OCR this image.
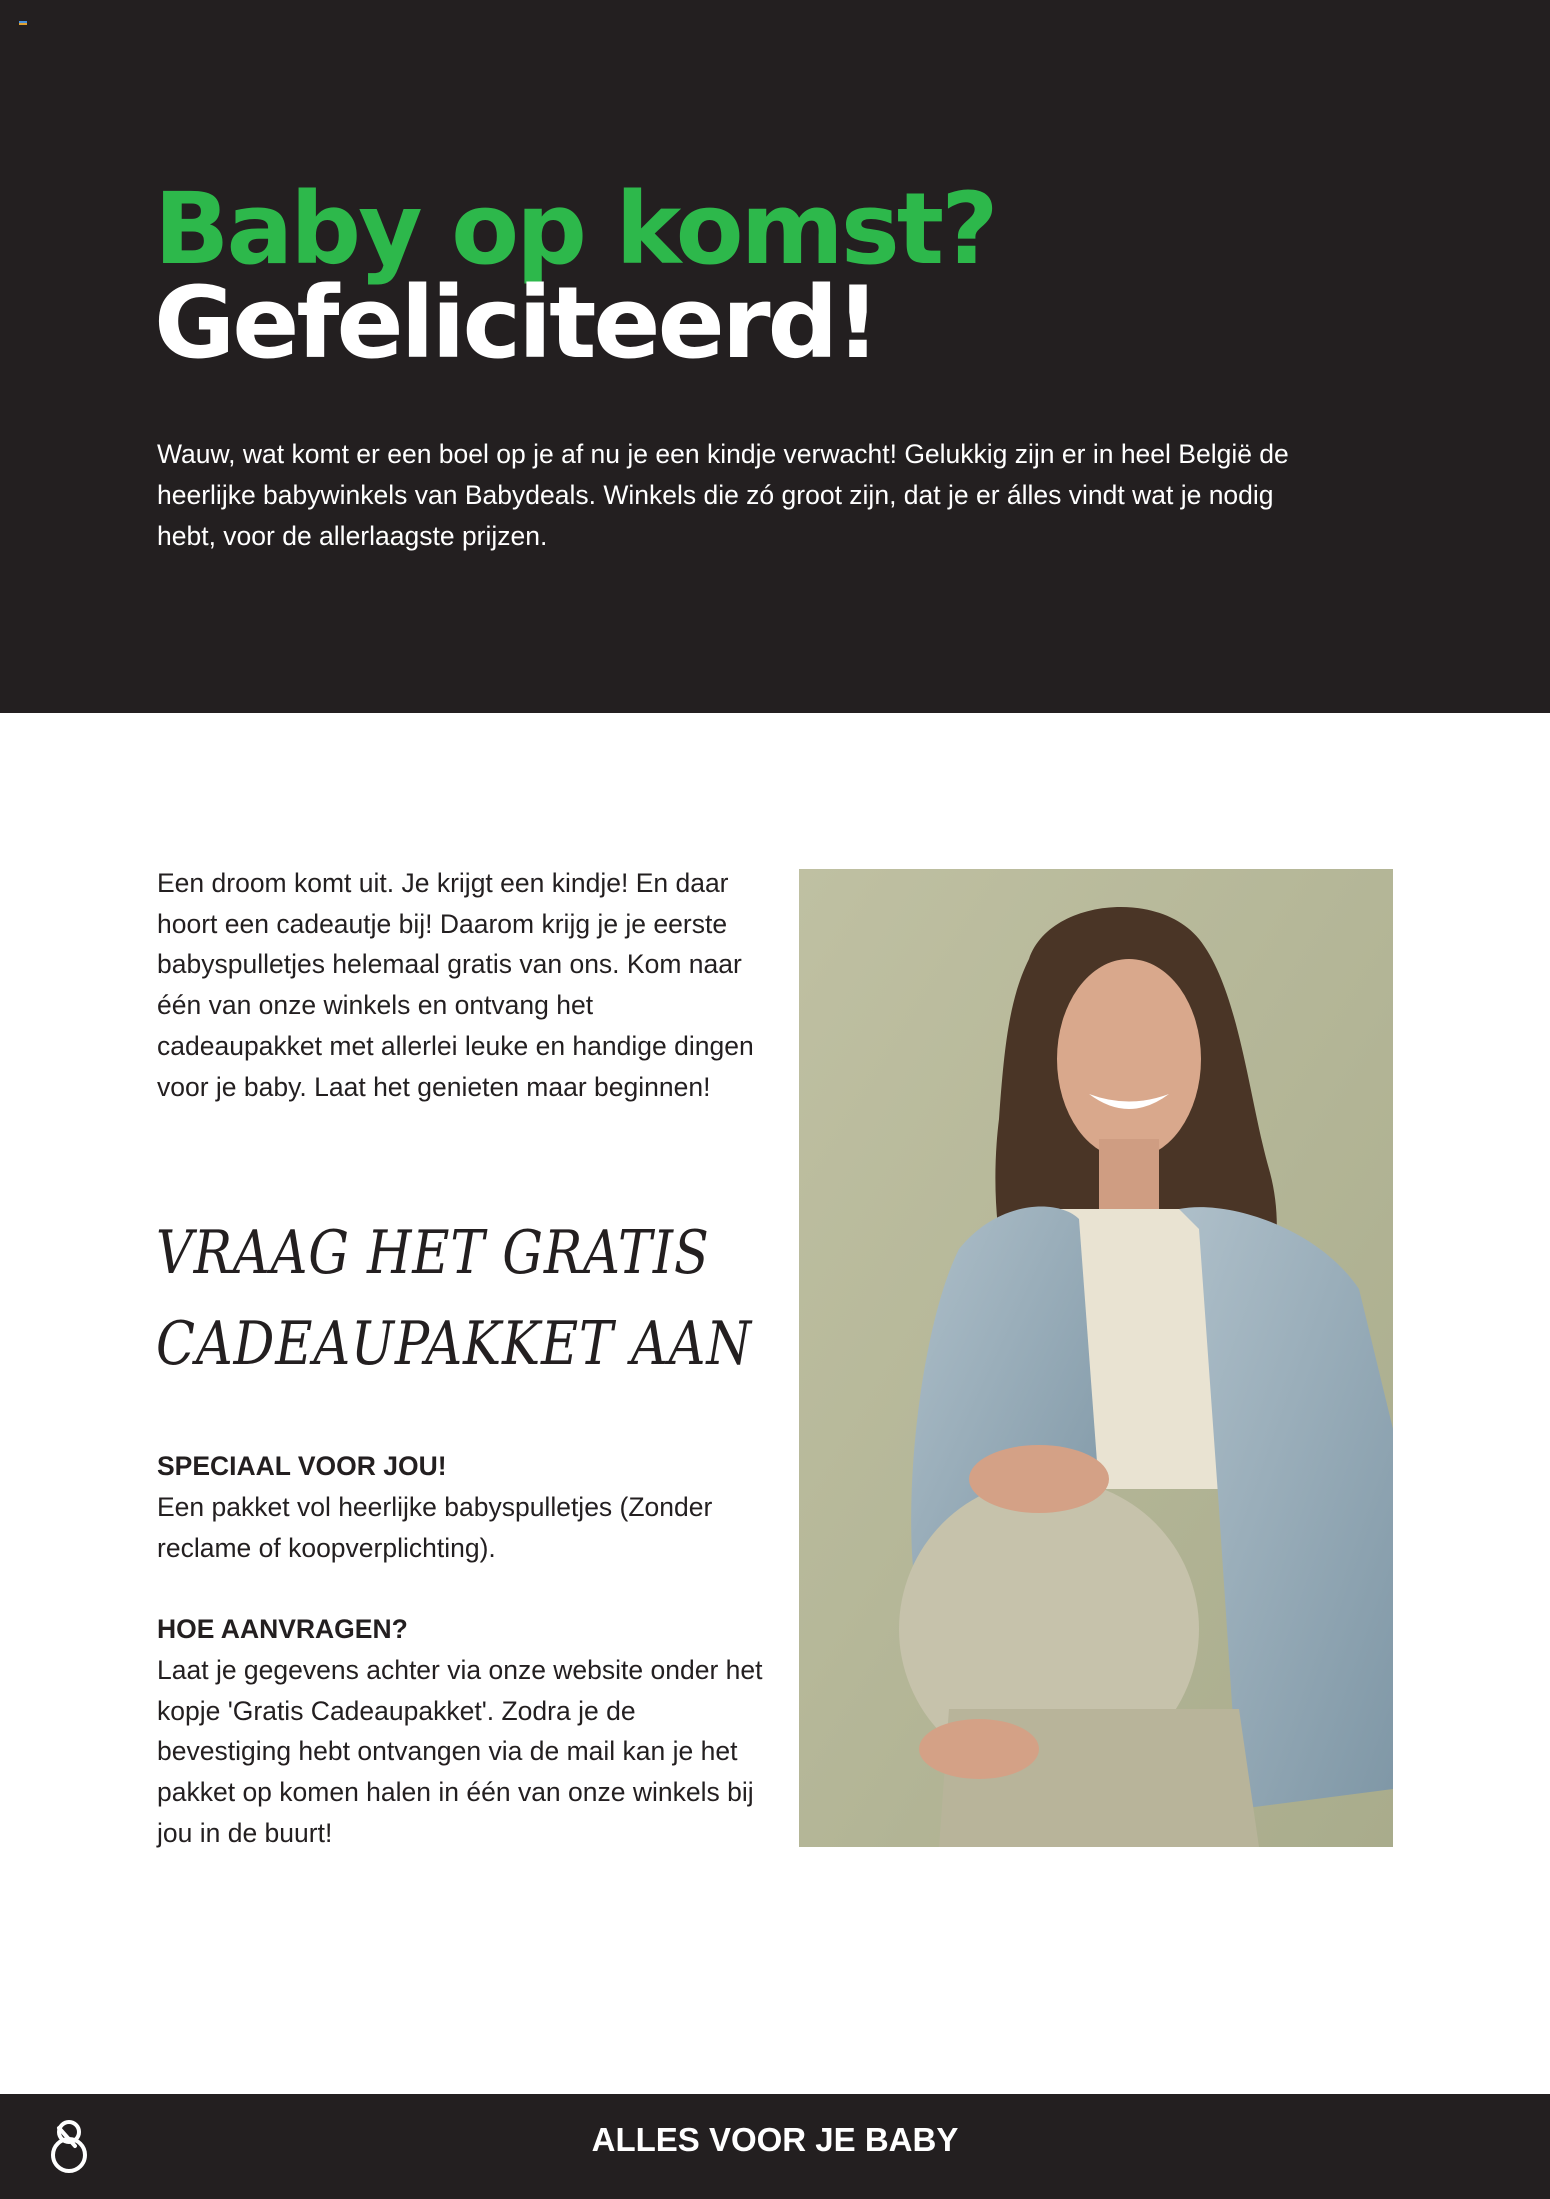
Baby op komst?
Gefeliciteerd!

Wauw, wat komt er een boel op je af nu je een kindje verwacht! Gelukkig zijn er in heel België de heerlijke babywinkels van Babydeals. Winkels die zó groot zijn, dat je er álles vindt wat je nodig hebt, voor de allerlaagste prijzen.

Een droom komt uit. Je krijgt een kindje! En daar hoort een cadeautje bij! Daarom krijg je je eerste babyspulletjes helemaal gratis van ons. Kom naar één van onze winkels en ontvang het cadeaupakket met allerlei leuke en handige dingen voor je baby. Laat het genieten maar beginnen!

VRAAG HET GRATIS
CADEAUPAKKET AAN
SPECIAAL VOOR JOU!

Een pakket vol heerlijke babyspulletjes (Zonder reclame of koopverplichting).

HOE AANVRAGEN?

Laat je gegevens achter via onze website onder het kopje 'Gratis Cadeaupakket'. Zodra je de bevestiging hebt ontvangen via de mail kan je het pakket op komen halen in één van onze winkels bij jou in de buurt!

ALLES VOOR JE BABY
